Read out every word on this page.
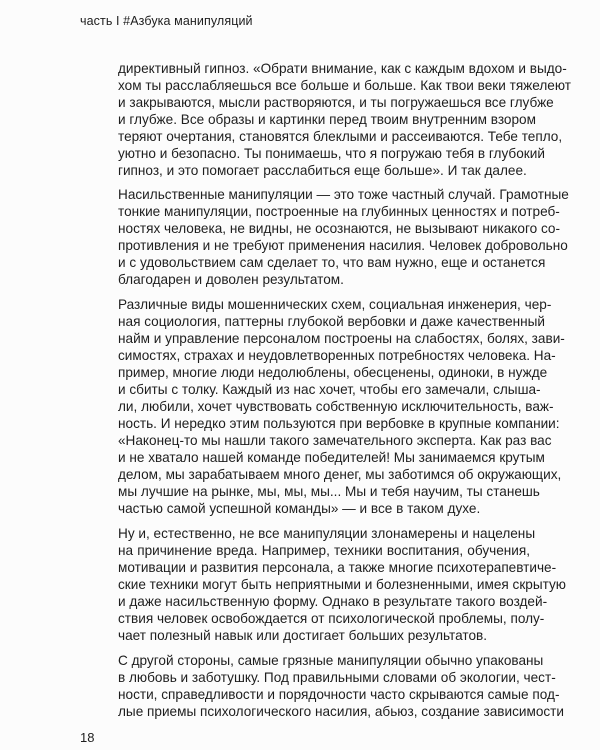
часть I #Азбука манипуляций
директивный гипноз. «Обрати внимание, как с каждым вдохом и выдо-
хом ты расслабляешься все больше и больше. Как твои веки тяжелеют
и закрываются, мысли растворяются, и ты погружаешься все глубже
и глубже. Все образы и картинки перед твоим внутренним взором
теряют очертания, становятся блеклыми и рассеиваются. Тебе тепло,
уютно и безопасно. Ты понимаешь, что я погружаю тебя в глубокий
гипноз, и это помогает расслабиться еще больше». И так далее.
Насильственные манипуляции — это тоже частный случай. Грамотные
тонкие манипуляции, построенные на глубинных ценностях и потреб-
ностях человека, не видны, не осознаются, не вызывают никакого со-
противления и не требуют применения насилия. Человек добровольно
и с удовольствием сам сделает то, что вам нужно, еще и останется
благодарен и доволен результатом.
Различные виды мошеннических схем, социальная инженерия, чер-
ная социология, паттерны глубокой вербовки и даже качественный
найм и управление персоналом построены на слабостях, болях, зави-
симостях, страхах и неудовлетворенных потребностях человека. На-
пример, многие люди недолюблены, обесценены, одиноки, в нужде
и сбиты с толку. Каждый из нас хочет, чтобы его замечали, слыша-
ли, любили, хочет чувствовать собственную исключительность, важ-
ность. И нередко этим пользуются при вербовке в крупные компании:
«Наконец-то мы нашли такого замечательного эксперта. Как раз вас
и не хватало нашей команде победителей! Мы занимаемся крутым
делом, мы зарабатываем много денег, мы заботимся об окружающих,
мы лучшие на рынке, мы, мы, мы... Мы и тебя научим, ты станешь
частью самой успешной команды» — и все в таком духе.
Ну и, естественно, не все манипуляции злонамерены и нацелены
на причинение вреда. Например, техники воспитания, обучения,
мотивации и развития персонала, а также многие психотерапевтиче-
ские техники могут быть неприятными и болезненными, имея скрытую
и даже насильственную форму. Однако в результате такого воздей-
ствия человек освобождается от психологической проблемы, полу-
чает полезный навык или достигает больших результатов.
С другой стороны, самые грязные манипуляции обычно упакованы
в любовь и заботушку. Под правильными словами об экологии, чест-
ности, справедливости и порядочности часто скрываются самые под-
лые приемы психологического насилия, абьюз, создание зависимости
18
